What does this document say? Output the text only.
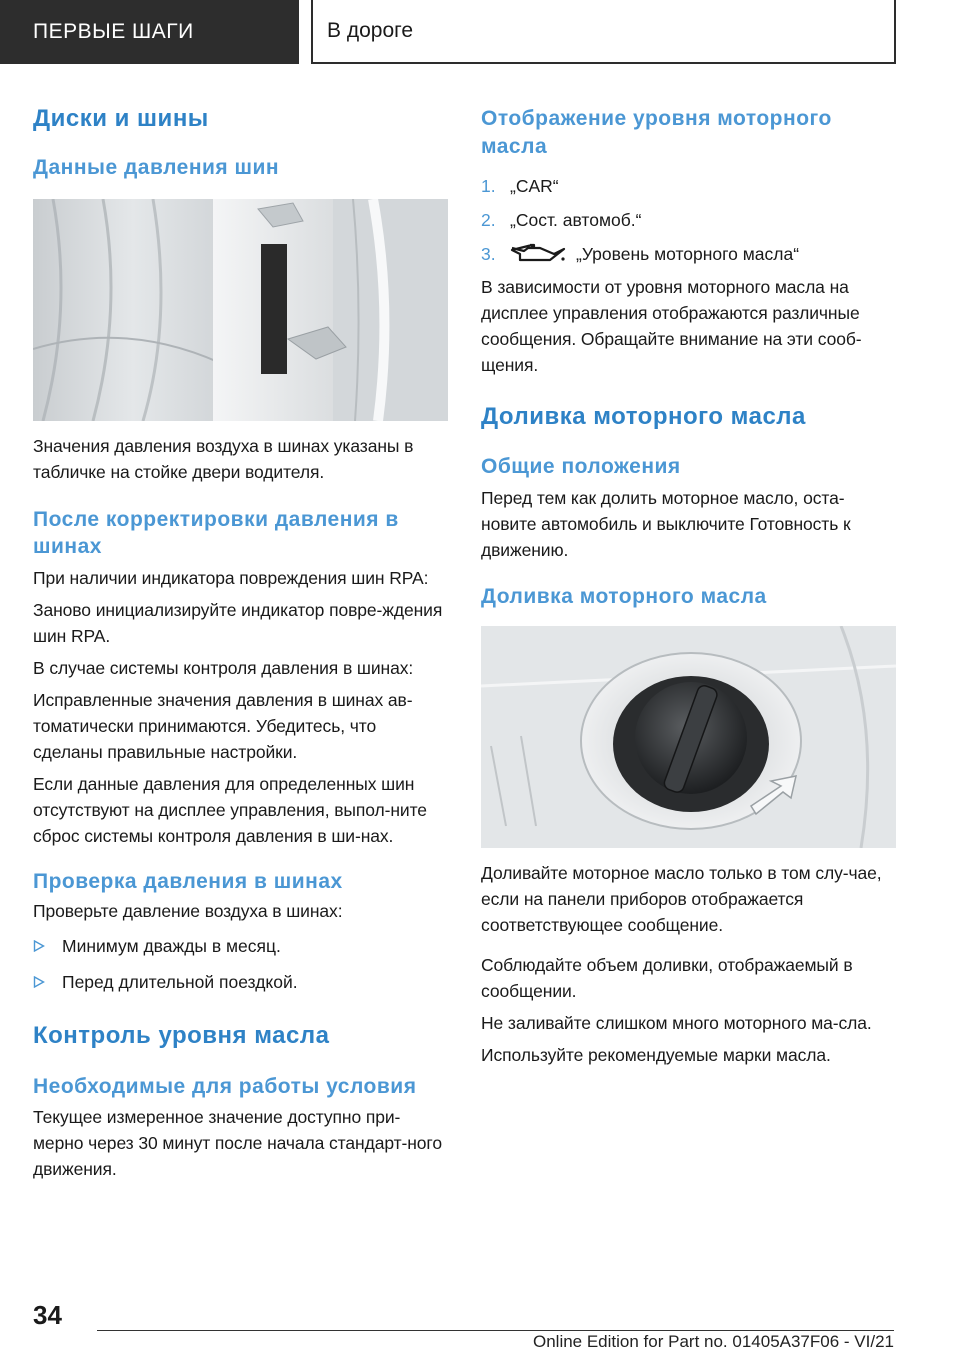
ПЕРВЫЕ ШАГИ	В дороге
Диски и шины
Данные давления шин
Значения давления воздуха в шинах указаны в табличке на стойке двери водителя.
После корректировки давления в шинах
При наличии индикатора повреждения шин RPA:
Заново инициализируйте индикатор повре-ждения шин RPA.
В случае системы контроля давления в шинах:
Исправленные значения давления в шинах ав-томатически принимаются. Убедитесь, что сделаны правильные настройки.
Если данные давления для определенных шин отсутствуют на дисплее управления, выпол-ните сброс системы контроля давления в ши-нах.
Проверка давления в шинах
Проверьте давление воздуха в шинах:
Минимум дважды в месяц.
Перед длительной поездкой.
Контроль уровня масла
Необходимые для работы условия
Текущее измеренное значение доступно при-мерно через 30 минут после начала стандарт-ного движения.
Отображение уровня моторного масла
1. „CAR“
2. „Сост. автомоб.“
3.	„Уровень моторного масла“
В зависимости от уровня моторного масла на дисплее управления отображаются различные сообщения. Обращайте внимание на эти сооб-щения.
Доливка моторного масла
Общие положения
Перед тем как долить моторное масло, оста-новите автомобиль и выключите Готовность к движению.
Доливка моторного масла
Доливайте моторное масло только в том слу-чае, если на панели приборов отображается соответствующее сообщение.
Соблюдайте объем доливки, отображаемый в сообщении.
Не заливайте слишком много моторного ма-сла.
Используйте рекомендуемые марки масла.
34
Online Edition for Part no. 01405A37F06 - VI/21
